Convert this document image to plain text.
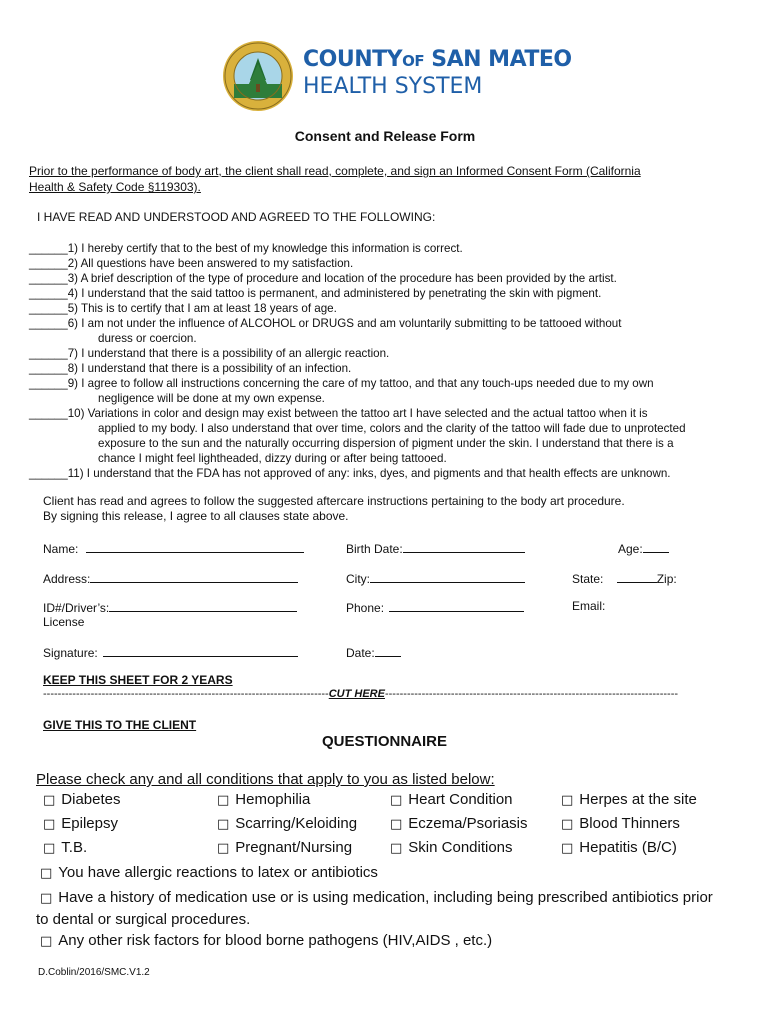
COUNTYOF SAN MATEO
HEALTH SYSTEM
Consent and Release Form
Prior to the performance of body art, the client shall read, complete, and sign an Informed Consent Form (California
Health & Safety Code §119303).
I HAVE READ AND UNDERSTOOD AND AGREED TO THE FOLLOWING:
______1) I hereby certify that to the best of my knowledge this information is correct.
______2) All questions have been answered to my satisfaction.
______3) A brief description of the type of procedure and location of the procedure has been provided by the artist.
______4) I understand that the said tattoo is permanent, and administered by penetrating the skin with pigment.
______5) This is to certify that I am at least 18 years of age.
______6) I am not under the influence of ALCOHOL or DRUGS and am voluntarily submitting to be tattooed without
duress or coercion.
______7) I understand that there is a possibility of an allergic reaction.
______8) I understand that there is a possibility of an infection.
______9) I agree to follow all instructions concerning the care of my tattoo, and that any touch-ups needed due to my own
negligence will be done at my own expense.
______10) Variations in color and design may exist between the tattoo art I have selected and the actual tattoo when it is
applied to my body. I also understand that over time, colors and the clarity of the tattoo will fade due to unprotected
exposure to the sun and the naturally occurring dispersion of pigment under the skin. I understand that there is a
chance I might feel lightheaded, dizzy during or after being tattooed.
______11) I understand that the FDA has not approved of any: inks, dyes, and pigments and that health effects are unknown.
Client has read and agrees to follow the suggested aftercare instructions pertaining to the body art procedure.
By signing this release, I agree to all clauses state above.
Name:	Birth Date:	Age:
Address:	City:	State:	Zip:
ID#/Driver’s:
License
Phone:	Email:
Signature:	Date:
KEEP THIS SHEET FOR 2 YEARS
------------------------------------------------------------------------------CUT HERE--------------------------------------------------------------------------------
GIVE THIS TO THE CLIENT
QUESTIONNAIRE
Please check any and all conditions that apply to you as listed below:
□ Diabetes	□ Hemophilia	□ Heart Condition	□ Herpes at the site
□ Epilepsy	□ Scarring/Keloiding	□ Eczema/Psoriasis	□ Blood Thinners
□ T.B.	□ Pregnant/Nursing	□ Skin Conditions	□ Hepatitis (B/C)
□ You have allergic reactions to latex or antibiotics
□ Have a history of medication use or is using medication, including being prescribed antibiotics prior
to dental or surgical procedures.
□ Any other risk factors for blood borne pathogens (HIV,AIDS , etc.)
D.Coblin/2016/SMC.V1.2
